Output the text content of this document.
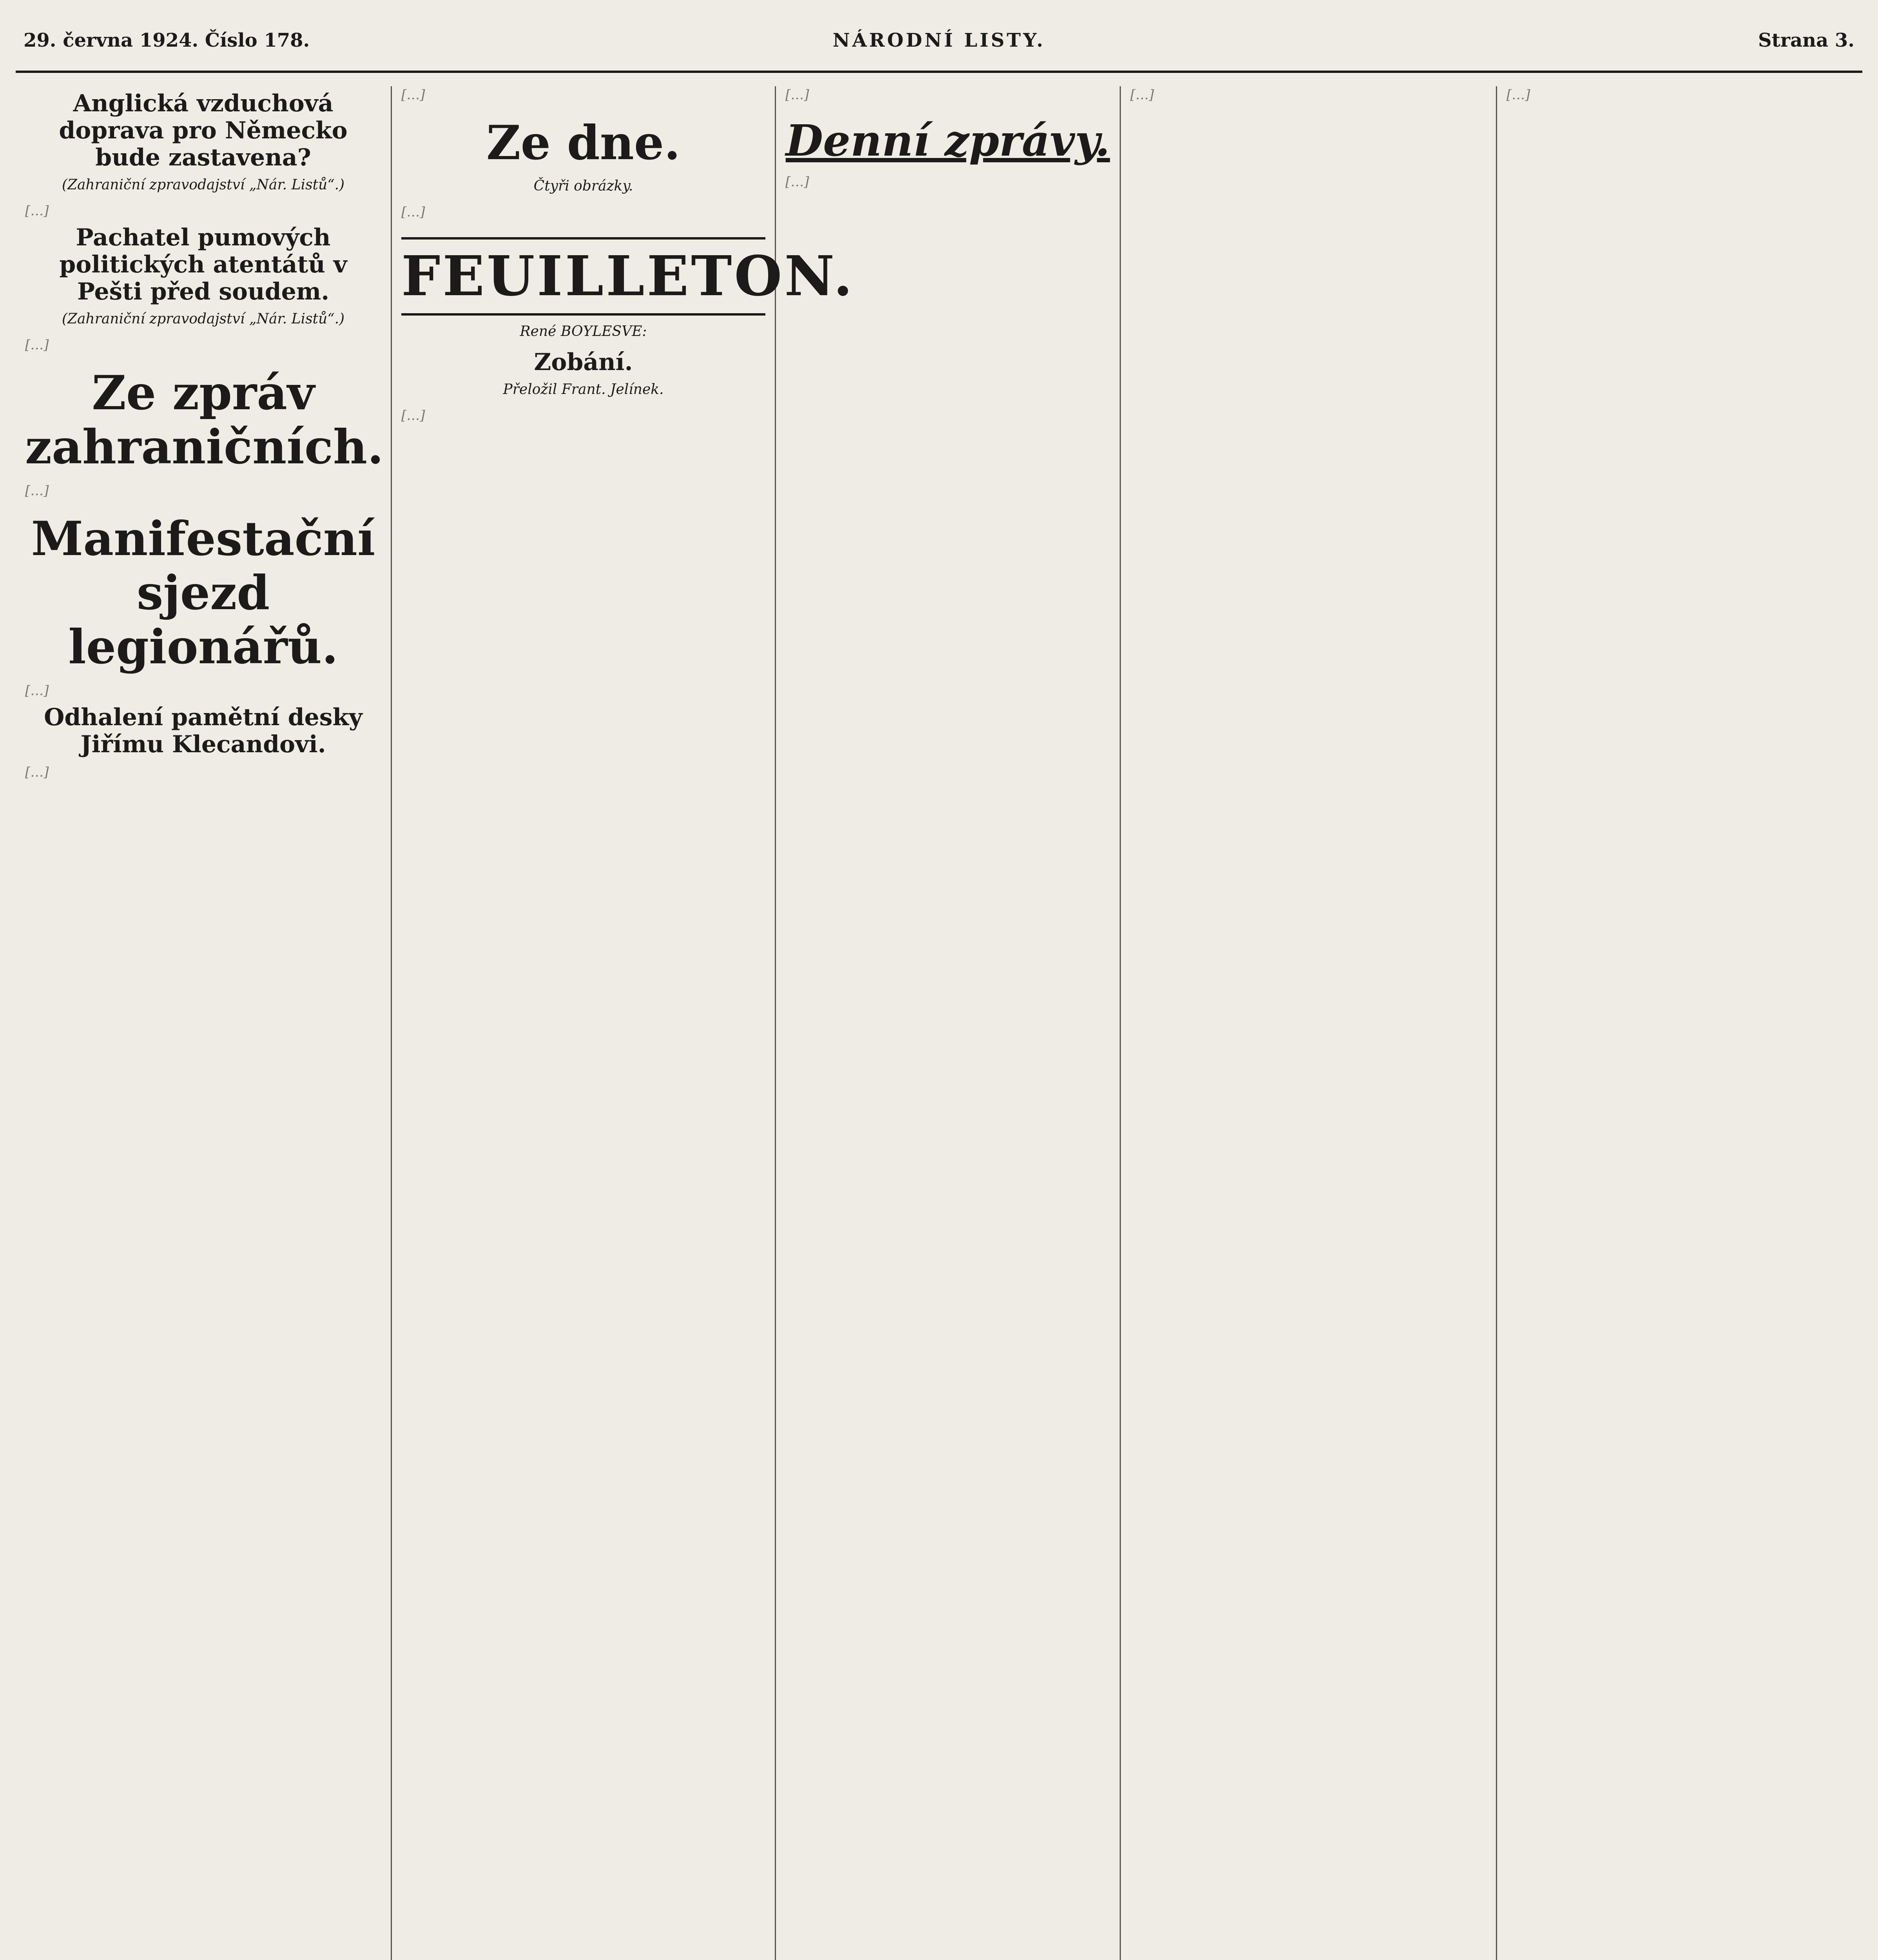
29. června 1924. Číslo 178.	NÁRODNÍ LISTY.	Strana 3.
Anglická vzduchová doprava pro Německo bude zastavena?
(Zahraniční zpravodajství „Nár. Listů“.)
[…]
Pachatel pumových politických atentátů v Pešti před soudem.
(Zahraniční zpravodajství „Nár. Listů“.)
[…]
Ze zpráv zahraničních.
[…]
Manifestační sjezd legionářů.
[…]
Odhalení pamětní desky Jiřímu Klecandovi.
[…]
[…]
Ze dne.
Čtyři obrázky.
[…]
FEUILLETON.
René BOYLESVE:
Zobání.
Přeložil Frant. Jelínek.
[…]
[…]
Denní zprávy.
[…]
[…]	[…]
